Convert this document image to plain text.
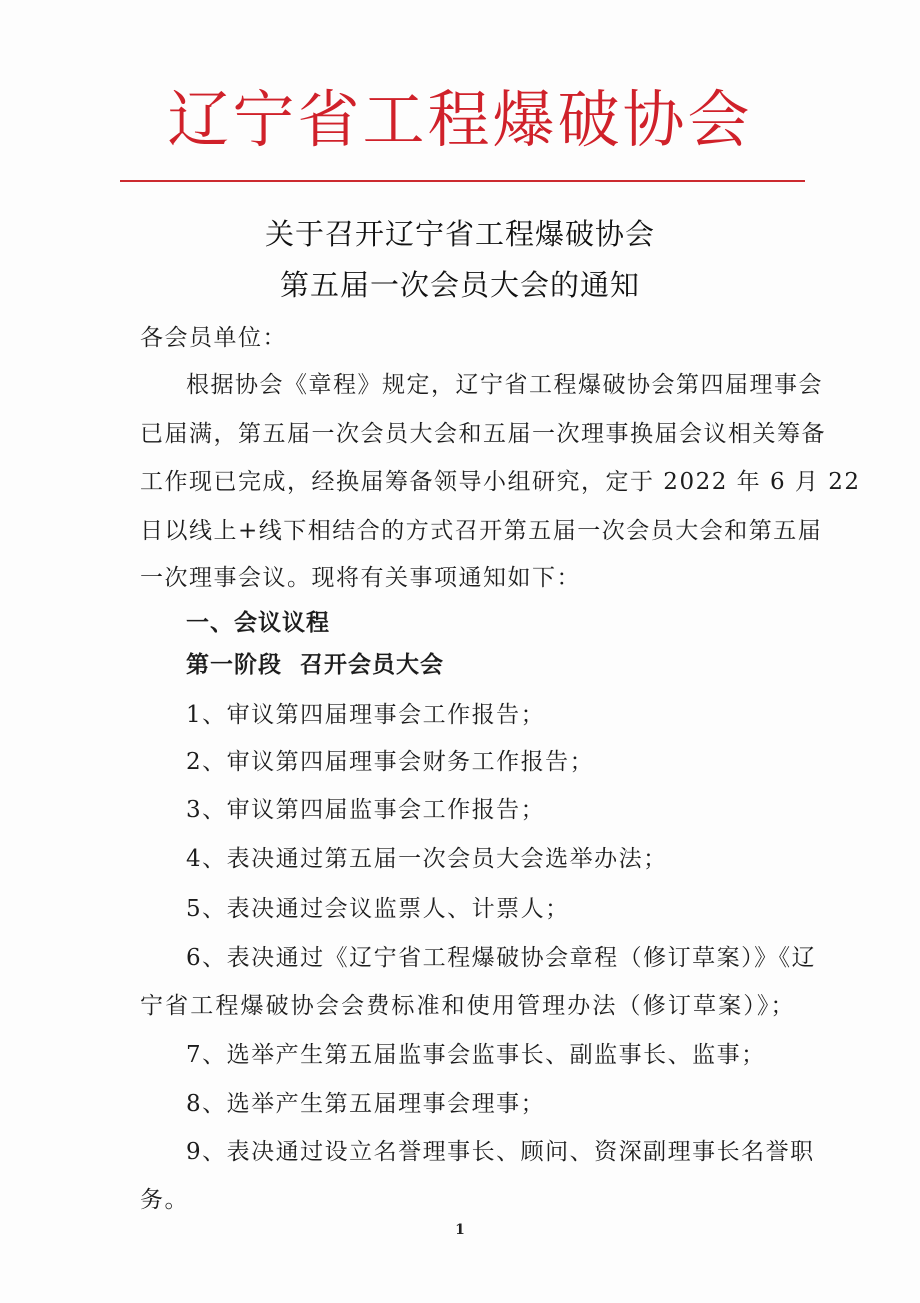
辽宁省工程爆破协会
关于召开辽宁省工程爆破协会
第五届一次会员大会的通知
各会员单位：
根据协会《章程》规定，辽宁省工程爆破协会第四届理事会
已届满，第五届一次会员大会和五届一次理事换届会议相关筹备
工作现已完成，经换届筹备领导小组研究，定于 2022 年 6 月 22
日以线上+线下相结合的方式召开第五届一次会员大会和第五届
一次理事会议。现将有关事项通知如下：
一、会议议程
第一阶段  召开会员大会
1、审议第四届理事会工作报告；
2、审议第四届理事会财务工作报告；
3、审议第四届监事会工作报告；
4、表决通过第五届一次会员大会选举办法；
5、表决通过会议监票人、计票人；
6、表决通过《辽宁省工程爆破协会章程（修订草案）》《辽
宁省工程爆破协会会费标准和使用管理办法（修订草案）》；
7、选举产生第五届监事会监事长、副监事长、监事；
8、选举产生第五届理事会理事；
9、表决通过设立名誉理事长、顾问、资深副理事长名誉职
务。
1
